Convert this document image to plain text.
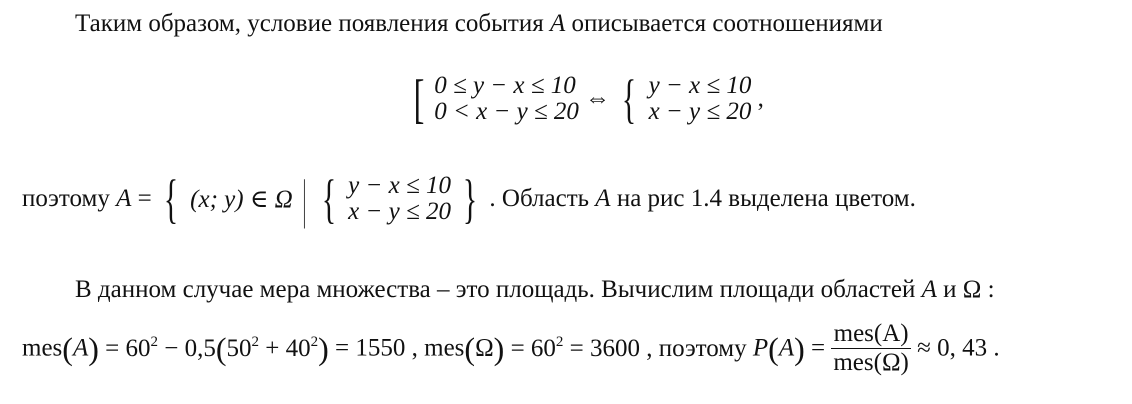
Таким образом, условие появления события A описывается соотношениями
[ 0 ≤ y − x ≤ 10
0 < x − y ≤ 20 ⇔ { y − x ≤ 10
x − y ≤ 20 ,
поэтому A = { (x; y) ∈ Ω | { y − x ≤ 10
x − y ≤ 20 } . Область A на рис 1.4 выделена цветом.
В данном случае мера множества – это площадь. Вычислим площади областей A и Ω :
$mes(A) = 60^2 - 0,5(50^2 + 40^2) = 1550$ , $mes(\Omega) = 60^2 = 3600$ , поэтому $P(A) = \frac{\text{mes(A)}}{\text{mes(Ω)}} \approx 0$, 43 .
